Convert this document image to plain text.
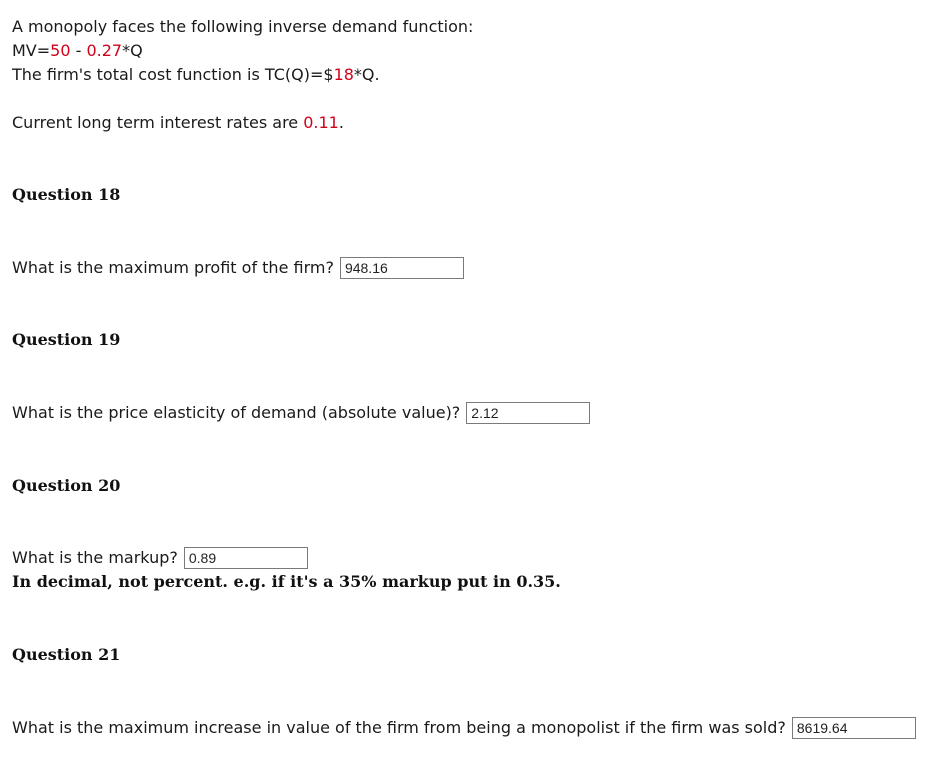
A monopoly faces the following inverse demand function:
MV=50 - 0.27*Q
The firm's total cost function is TC(Q)=$18*Q.
Current long term interest rates are 0.11.
Question 18
What is the maximum profit of the firm?
948.16
Question 19
What is the price elasticity of demand (absolute value)?
2.12
Question 20
What is the markup?
0.89
In decimal, not percent. e.g. if it's a 35% markup put in 0.35.
Question 21
What is the maximum increase in value of the firm from being a monopolist if the firm was sold?
8619.64
